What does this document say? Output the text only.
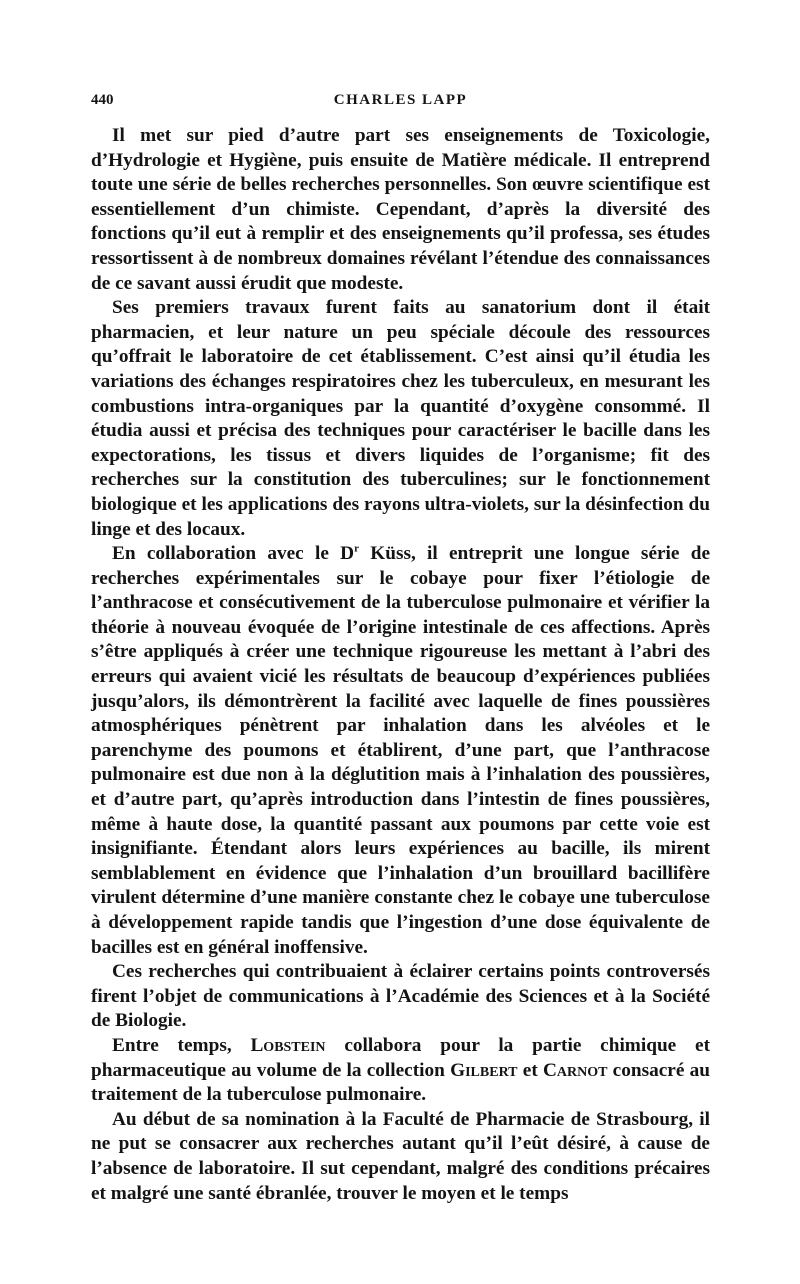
440	CHARLES LAPP

Il met sur pied d’autre part ses enseignements de Toxicologie, d’Hydrologie et Hygiène, puis ensuite de Matière médicale. Il entreprend toute une série de belles recherches personnelles. Son œuvre scientifique est essentiellement d’un chimiste. Cependant, d’après la diversité des fonctions qu’il eut à remplir et des enseignements qu’il professa, ses études ressortissent à de nombreux domaines révélant l’étendue des connaissances de ce savant aussi érudit que modeste.

Ses premiers travaux furent faits au sanatorium dont il était pharmacien, et leur nature un peu spéciale découle des ressources qu’offrait le laboratoire de cet établissement. C’est ainsi qu’il étudia les variations des échanges respiratoires chez les tuberculeux, en mesurant les combustions intra-organiques par la quantité d’oxygène consommé. Il étudia aussi et précisa des techniques pour caractériser le bacille dans les expectorations, les tissus et divers liquides de l’organisme; fit des recherches sur la constitution des tuberculines; sur le fonctionnement biologique et les applications des rayons ultra-violets, sur la désinfection du linge et des locaux.

En collaboration avec le $D^r$ Küss, il entreprit une longue série de recherches expérimentales sur le cobaye pour fixer l’étiologie de l’anthracose et consécutivement de la tuberculose pulmonaire et vérifier la théorie à nouveau évoquée de l’origine intestinale de ces affections. Après s’être appliqués à créer une technique rigoureuse les mettant à l’abri des erreurs qui avaient vicié les résultats de beaucoup d’expériences publiées jusqu’alors, ils démontrèrent la facilité avec laquelle de fines poussières atmosphériques pénètrent par inhalation dans les alvéoles et le parenchyme des poumons et établirent, d’une part, que l’anthracose pulmonaire est due non à la déglutition mais à l’inhalation des poussières, et d’autre part, qu’après introduction dans l’intestin de fines poussières, même à haute dose, la quantité passant aux poumons par cette voie est insignifiante. Étendant alors leurs expériences au bacille, ils mirent semblablement en évidence que l’inhalation d’un brouillard bacillifère virulent détermine d’une manière constante chez le cobaye une tuberculose à développement rapide tandis que l’ingestion d’une dose équivalente de bacilles est en général inoffensive.

Ces recherches qui contribuaient à éclairer certains points controversés firent l’objet de communications à l’Académie des Sciences et à la Société de Biologie.

Entre temps, Lobstein collabora pour la partie chimique et pharmaceutique au volume de la collection Gilbert et Carnot consacré au traitement de la tuberculose pulmonaire.

Au début de sa nomination à la Faculté de Pharmacie de Strasbourg, il ne put se consacrer aux recherches autant qu’il l’eût désiré, à cause de l’absence de laboratoire. Il sut cependant, malgré des conditions précaires et malgré une santé ébranlée, trouver le moyen et le temps
